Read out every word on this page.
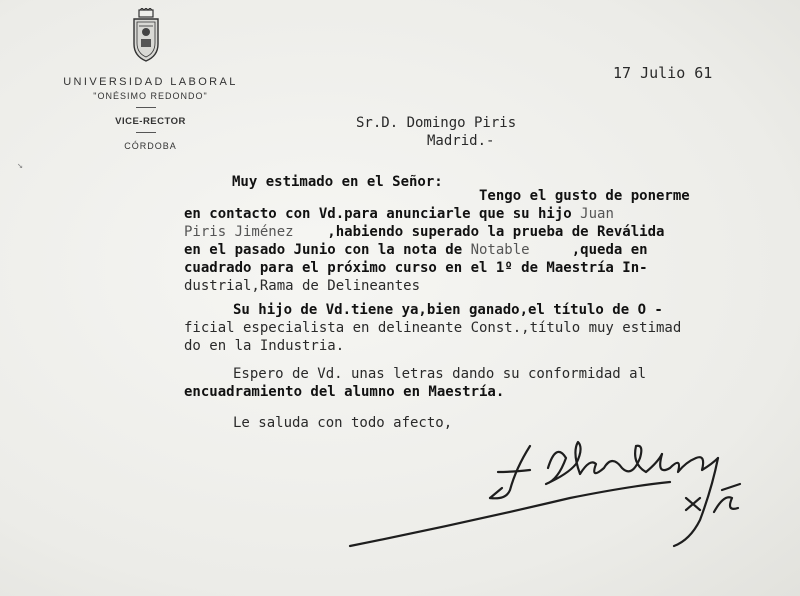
↘
UNIVERSIDAD LABORAL
"ONÉSIMO REDONDO"
VICE-RECTOR
CÓRDOBA
17 Julio 61
Sr.D. Domingo Piris
Madrid.-
Muy estimado en el Señor:
Tengo el gusto de ponerme
en contacto con Vd.para anunciarle que su hijo Juan
Piris Jiménez    ,habiendo superado la prueba de Reválida
en el pasado Junio con la nota de Notable     ,queda en
cuadrado para el próximo curso en el 1º de Maestría In-
dustrial,Rama de Delineantes
Su hijo de Vd.tiene ya,bien ganado,el título de O -
ficial especialista en delineante Const.,título muy estimad
do en la Industria.
Espero de Vd. unas letras dando su conformidad al
encuadramiento del alumno en Maestría.
Le saluda con todo afecto,
